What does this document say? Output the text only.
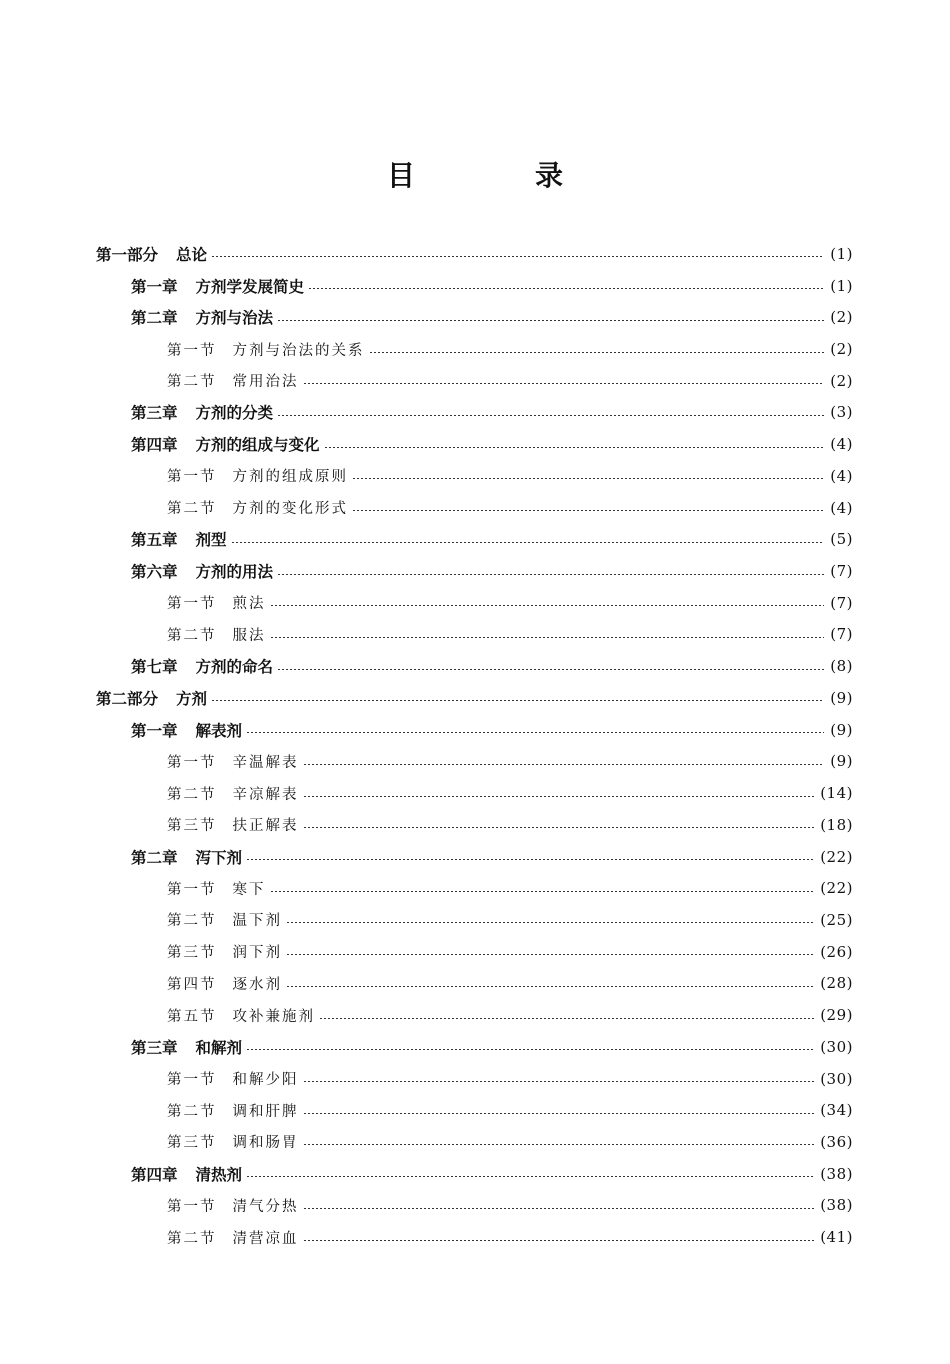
目　录
第一部分 总论	(1)
第一章 方剂学发展简史	(1)
第二章 方剂与治法	(2)
第一节 方剂与治法的关系	(2)
第二节 常用治法	(2)
第三章 方剂的分类	(3)
第四章 方剂的组成与变化	(4)
第一节 方剂的组成原则	(4)
第二节 方剂的变化形式	(4)
第五章 剂型	(5)
第六章 方剂的用法	(7)
第一节 煎法	(7)
第二节 服法	(7)
第七章 方剂的命名	(8)
第二部分 方剂	(9)
第一章 解表剂	(9)
第一节 辛温解表	(9)
第二节 辛凉解表	(14)
第三节 扶正解表	(18)
第二章 泻下剂	(22)
第一节 寒下	(22)
第二节 温下剂	(25)
第三节 润下剂	(26)
第四节 逐水剂	(28)
第五节 攻补兼施剂	(29)
第三章 和解剂	(30)
第一节 和解少阳	(30)
第二节 调和肝脾	(34)
第三节 调和肠胃	(36)
第四章 清热剂	(38)
第一节 清气分热	(38)
第二节 清营凉血	(41)
